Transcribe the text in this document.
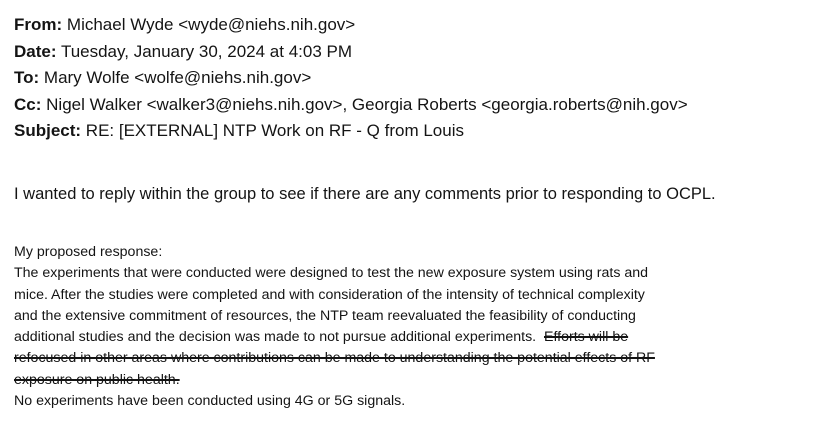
From: Michael Wyde <wyde@niehs.nih.gov>
Date: Tuesday, January 30, 2024 at 4:03 PM
To: Mary Wolfe <wolfe@niehs.nih.gov>
Cc: Nigel Walker <walker3@niehs.nih.gov>, Georgia Roberts <georgia.roberts@nih.gov>
Subject: RE: [EXTERNAL] NTP Work on RF - Q from Louis
I wanted to reply within the group to see if there are any comments prior to responding to OCPL.
My proposed response:
The experiments that were conducted were designed to test the new exposure system using rats and
mice. After the studies were completed and with consideration of the intensity of technical complexity
and the extensive commitment of resources, the NTP team reevaluated the feasibility of conducting
additional studies and the decision was made to not pursue additional experiments.  Efforts will be
refocused in other areas where contributions can be made to understanding the potential effects of RF
exposure on public health.
No experiments have been conducted using 4G or 5G signals.
